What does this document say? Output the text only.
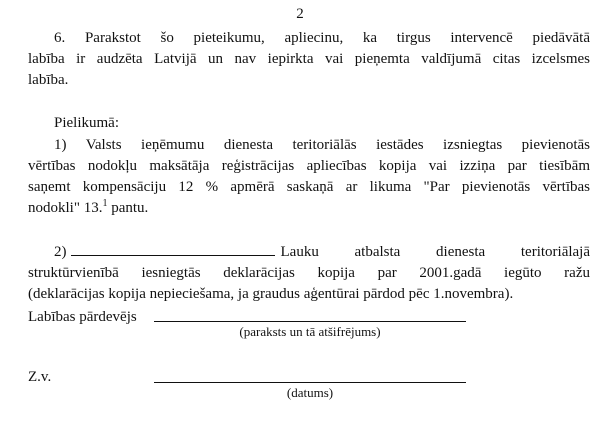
2
6. Parakstot šo pieteikumu, apliecinu, ka tirgus intervencē piedāvātā
labība ir audzēta Latvijā un nav iepirkta vai pieņemta valdījumā citas izcelsmes
labība.
Pielikumā:
1) Valsts ieņēmumu dienesta teritoriālās iestādes izsniegtas pievienotās
vērtības nodokļu maksātāja reģistrācijas apliecības kopija vai izziņa par tiesībām
saņemt kompensāciju 12 % apmērā saskaņā ar likuma "Par pievienotās vērtības
nodokli" 13.$^1$ pantu.
2)	Lauku atbalsta dienesta teritoriālajā
struktūrvienībā iesniegtās deklarācijas kopija par 2001.gadā iegūto ražu
(deklarācijas kopija nepieciešama, ja graudus aģentūrai pārdod pēc 1.novembra).
Labības pārdevējs
(paraksts un tā atšifrējums)
Z.v.
(datums)
